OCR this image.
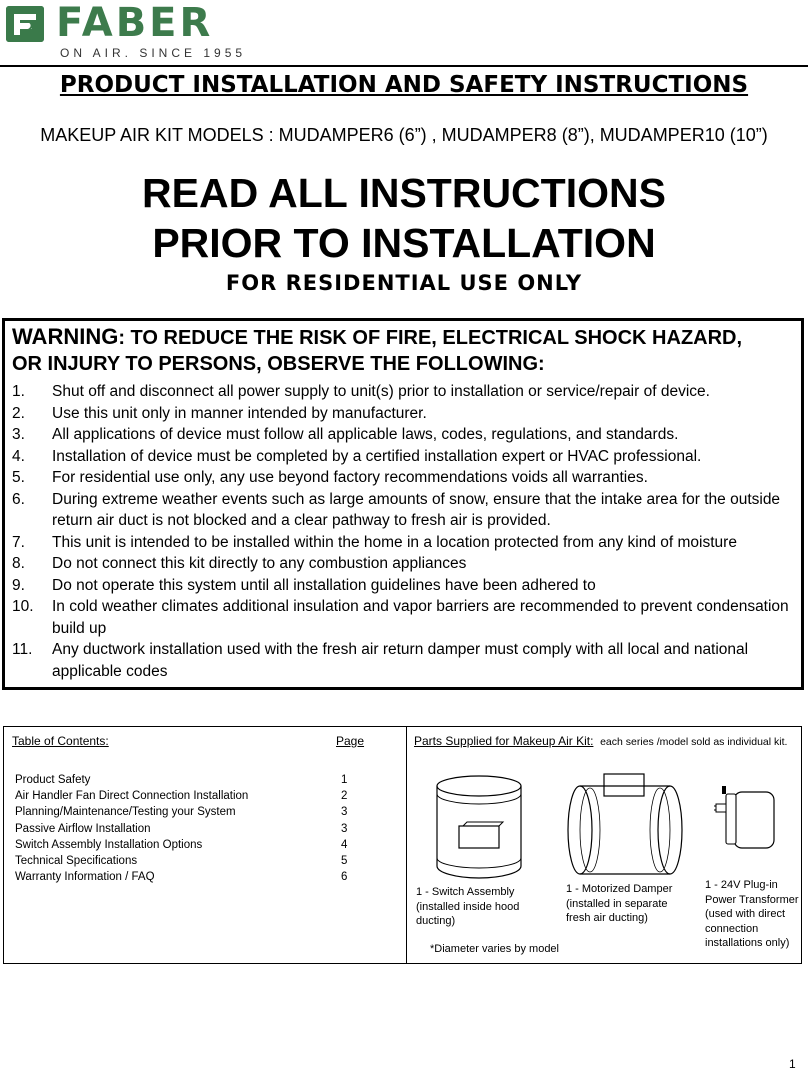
FABER
ON AIR. SINCE 1955
PRODUCT INSTALLATION AND SAFETY INSTRUCTIONS
MAKEUP AIR KIT MODELS : MUDAMPER6 (6”) , MUDAMPER8 (8”), MUDAMPER10 (10”)
READ ALL INSTRUCTIONS
PRIOR TO INSTALLATION
FOR RESIDENTIAL USE ONLY
WARNING: TO REDUCE THE RISK OF FIRE, ELECTRICAL SHOCK HAZARD,
OR INJURY TO PERSONS, OBSERVE THE FOLLOWING:
1.	Shut off and disconnect all power supply to unit(s) prior to installation or service/repair of device.
2.	Use this unit only in manner intended by manufacturer.
3.	All applications of device must follow all applicable laws, codes, regulations, and standards.
4.	Installation of device must be completed by a certified installation expert or HVAC professional.
5.	For residential use only, any use beyond factory recommendations voids all warranties.
6.	During extreme weather events such as large amounts of snow, ensure that the intake area for the outside return air duct is not blocked and a clear pathway to fresh air is provided.
7.	This unit is intended to be installed within the home in a location protected from any kind of moisture
8.	Do not connect this kit directly to any combustion appliances
9.	Do not operate this system until all installation guidelines have been adhered to
10.	In cold weather climates additional insulation and vapor barriers are recommended to prevent condensation build up
11.	Any ductwork installation used with the fresh air return damper must comply with all local and national applicable codes
Table of Contents:	Page
Product Safety	1
Air Handler Fan Direct Connection Installation	2
Planning/Maintenance/Testing your System	3
Passive Airflow Installation	3
Switch Assembly Installation Options	4
Technical Specifications	5
Warranty Information / FAQ	6
Parts Supplied for Makeup Air Kit: each series /model sold as individual kit.
1 - Switch Assembly (installed inside hood ducting)
1 - Motorized Damper (installed in separate fresh air ducting)
1 - 24V Plug-in Power Transformer (used with direct connection installations only)
*Diameter varies by model
1
